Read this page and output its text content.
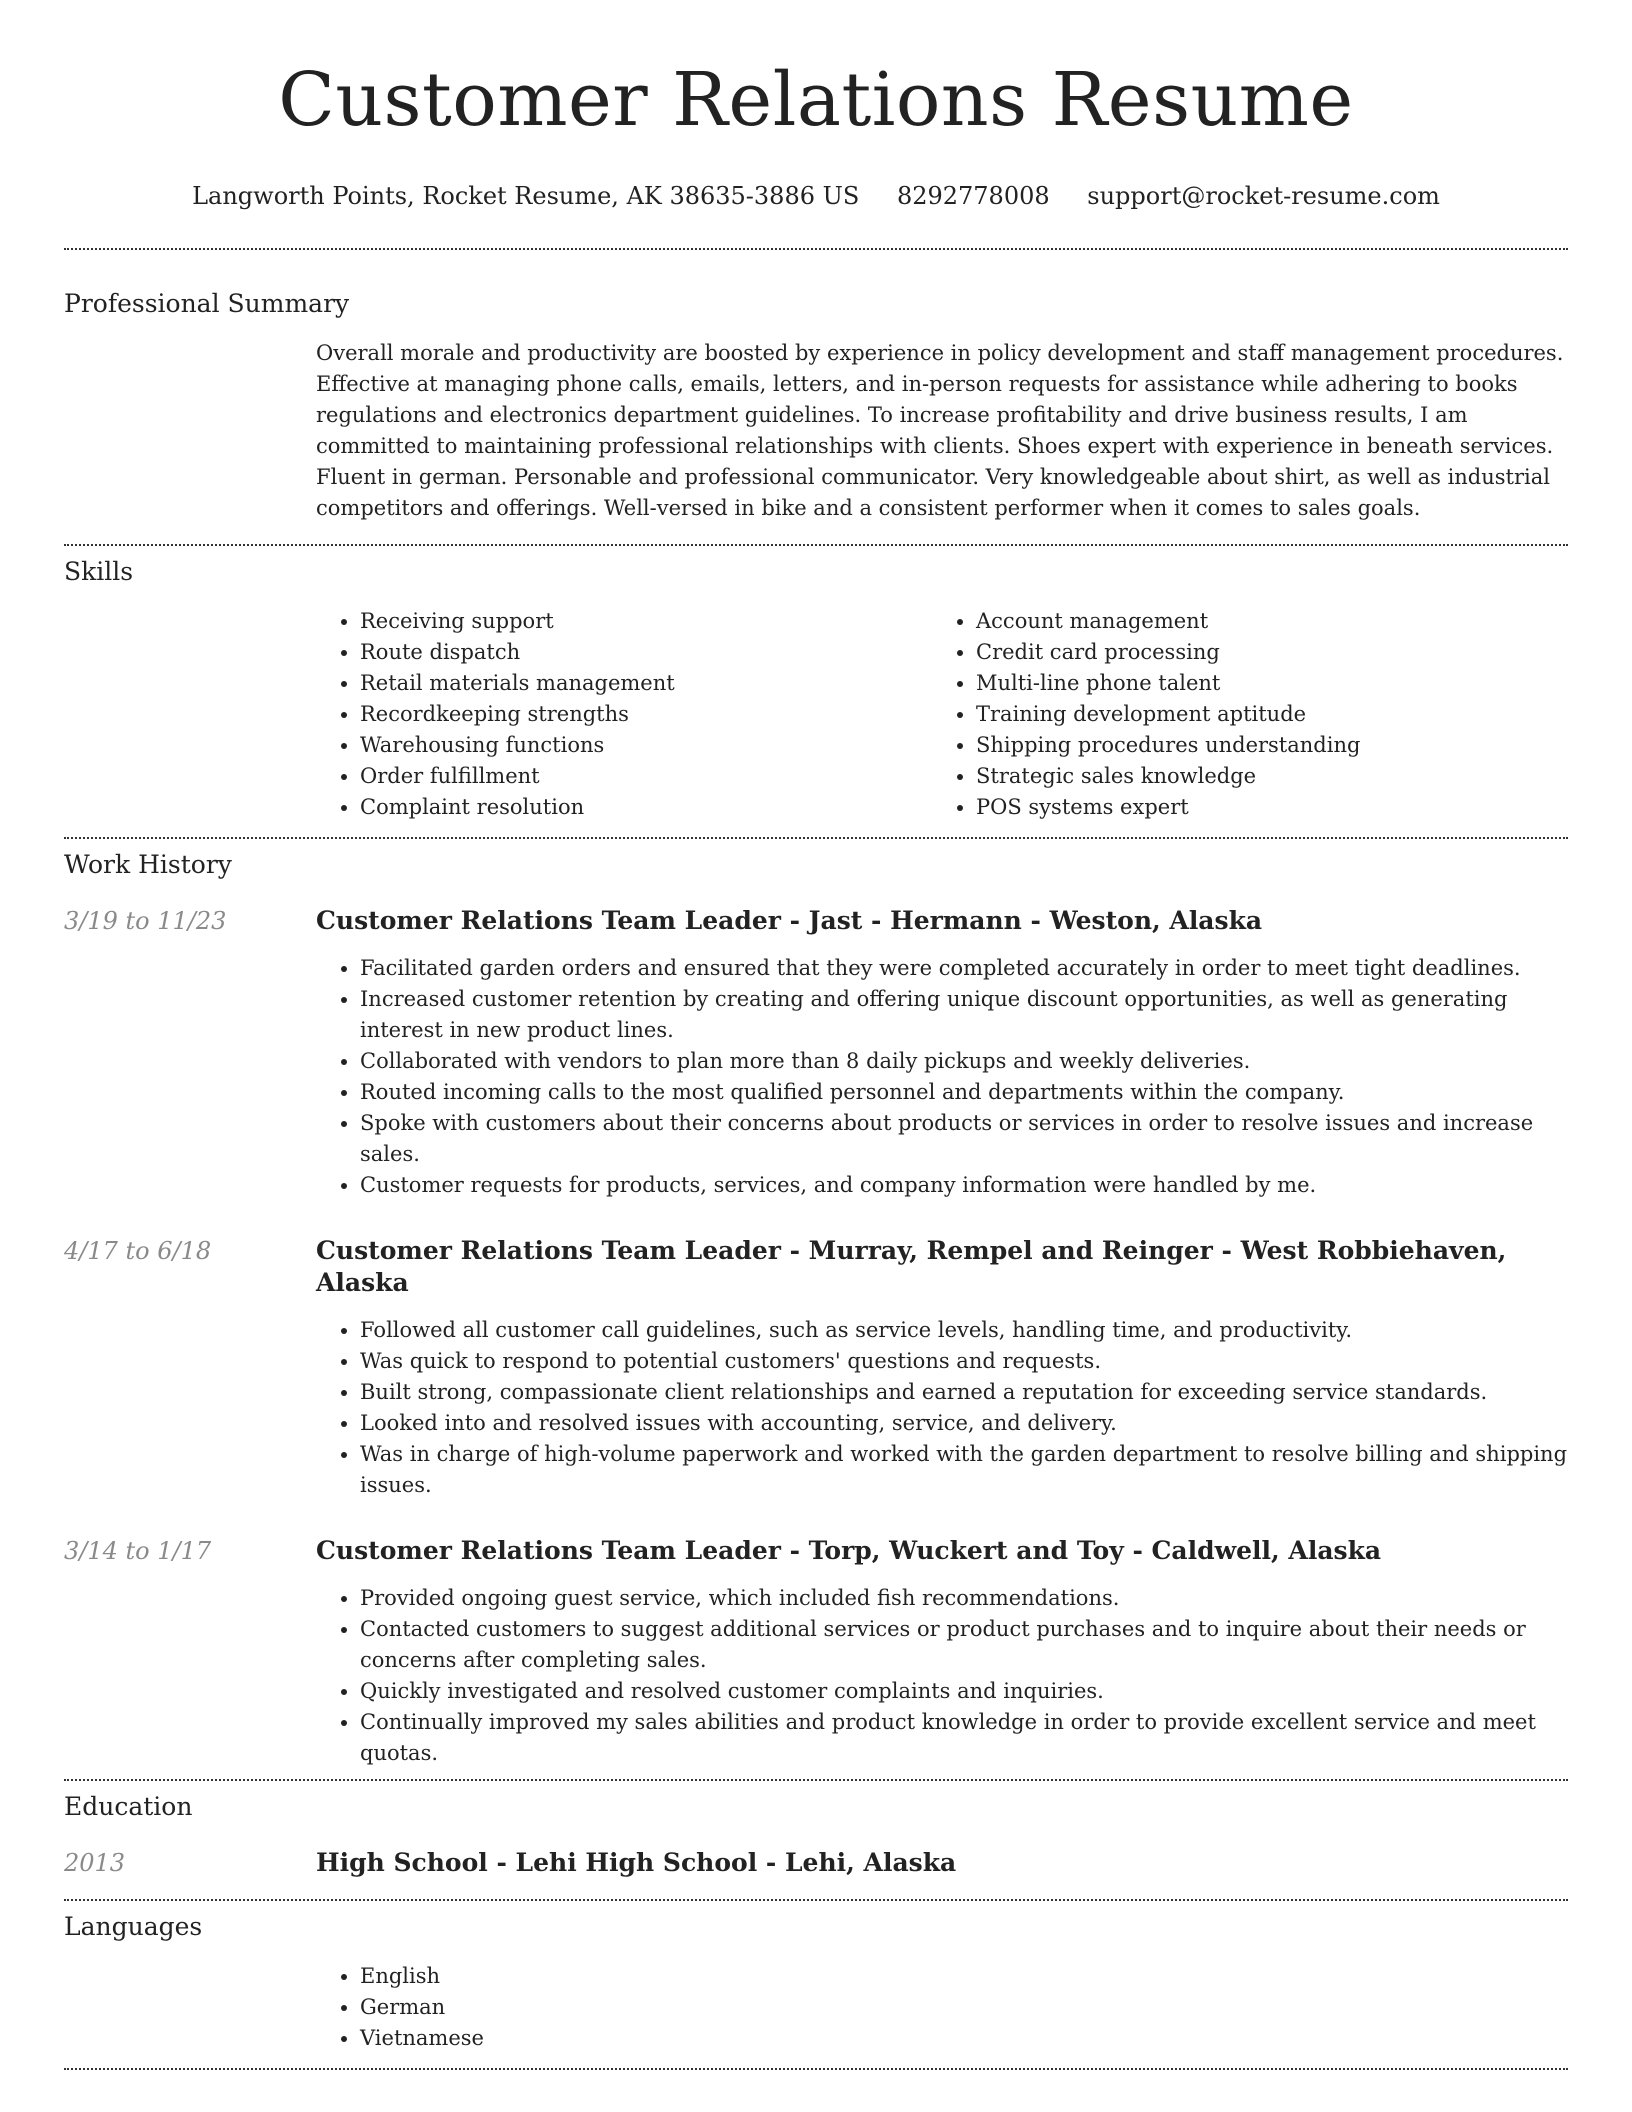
Customer Relations Resume
Langworth Points, Rocket Resume, AK 38635-3886 US 8292778008 support@rocket-resume.com
Professional Summary

Overall morale and productivity are boosted by experience in policy development and staff management procedures. Effective at managing phone calls, emails, letters, and in-person requests for assistance while adhering to books regulations and electronics department guidelines. To increase profitability and drive business results, I am committed to maintaining professional relationships with clients. Shoes expert with experience in beneath services. Fluent in german. Personable and professional communicator. Very knowledgeable about shirt, as well as industrial competitors and offerings. Well-versed in bike and a consistent performer when it comes to sales goals.

Skills
• Receiving support
• Route dispatch
• Retail materials management
• Recordkeeping strengths
• Warehousing functions
• Order fulfillment
• Complaint resolution
• Account management
• Credit card processing
• Multi-line phone talent
• Training development aptitude
• Shipping procedures understanding
• Strategic sales knowledge
• POS systems expert
Work History
3/19 to 11/23	Customer Relations Team Leader - Jast - Hermann - Weston, Alaska
• Facilitated garden orders and ensured that they were completed accurately in order to meet tight deadlines.
• Increased customer retention by creating and offering unique discount opportunities, as well as generating interest in new product lines.
• Collaborated with vendors to plan more than 8 daily pickups and weekly deliveries.
• Routed incoming calls to the most qualified personnel and departments within the company.
• Spoke with customers about their concerns about products or services in order to resolve issues and increase sales.
• Customer requests for products, services, and company information were handled by me.
4/17 to 6/18	Customer Relations Team Leader - Murray, Rempel and Reinger - West Robbiehaven, Alaska
• Followed all customer call guidelines, such as service levels, handling time, and productivity.
• Was quick to respond to potential customers' questions and requests.
• Built strong, compassionate client relationships and earned a reputation for exceeding service standards.
• Looked into and resolved issues with accounting, service, and delivery.
• Was in charge of high-volume paperwork and worked with the garden department to resolve billing and shipping issues.
3/14 to 1/17	Customer Relations Team Leader - Torp, Wuckert and Toy - Caldwell, Alaska
• Provided ongoing guest service, which included fish recommendations.
• Contacted customers to suggest additional services or product purchases and to inquire about their needs or concerns after completing sales.
• Quickly investigated and resolved customer complaints and inquiries.
• Continually improved my sales abilities and product knowledge in order to provide excellent service and meet quotas.
Education
2013	High School - Lehi High School - Lehi, Alaska
Languages
• English
• German
• Vietnamese
